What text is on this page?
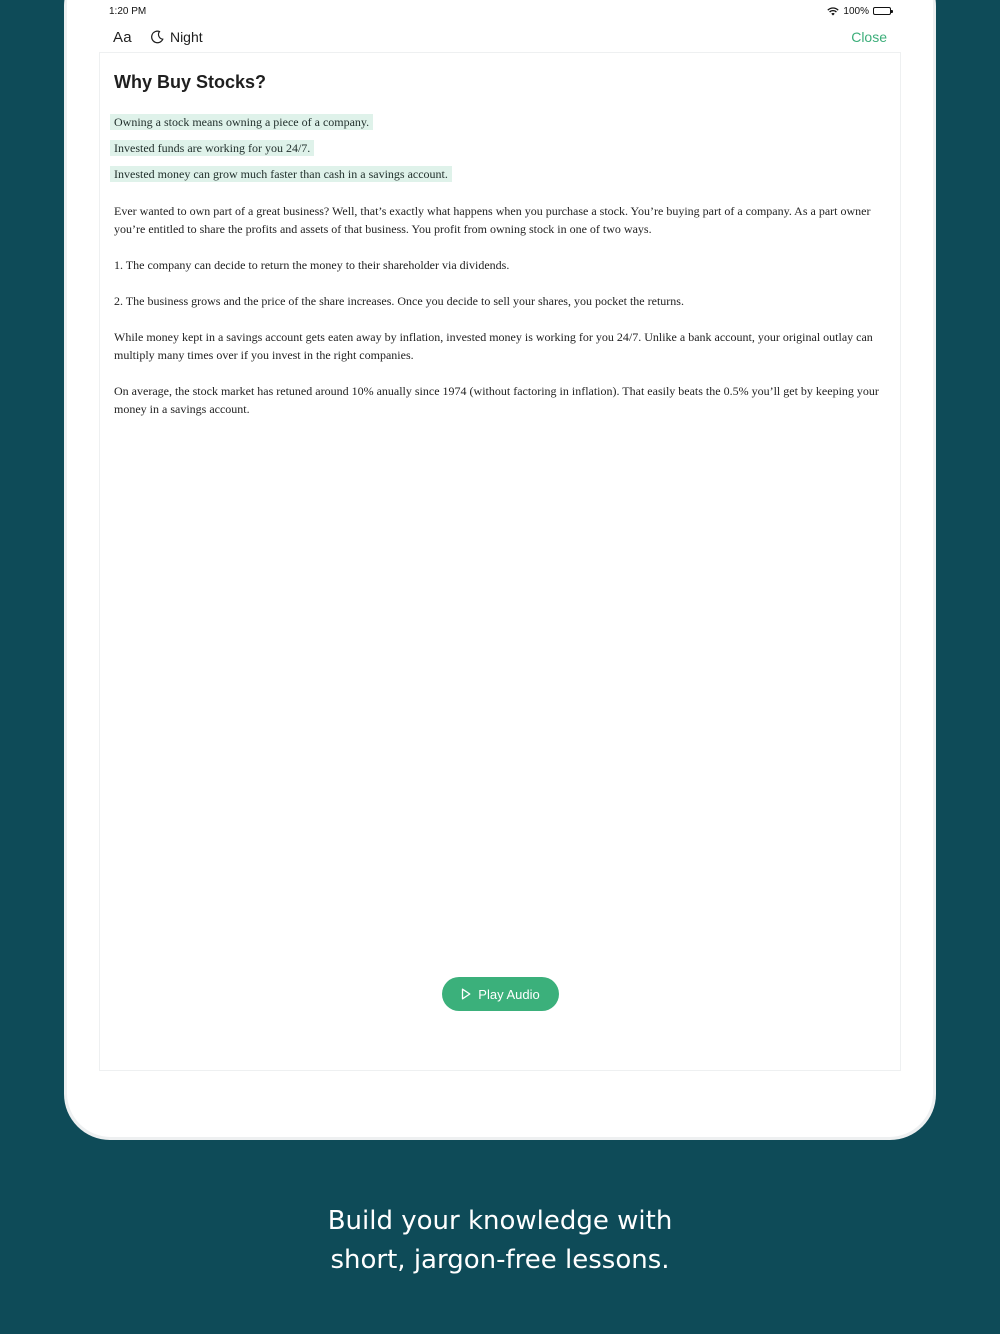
1:20 PM	100%
Aa	Night	Close
Why Buy Stocks?
Owning a stock means owning a piece of a company.
Invested funds are working for you 24/7.
Invested money can grow much faster than cash in a savings account.

Ever wanted to own part of a great business? Well, that’s exactly what happens when you purchase a stock. You’re buying part of a company. As a part owner you’re entitled to share the profits and assets of that business. You profit from owning stock in one of two ways.

1. The company can decide to return the money to their shareholder via dividends.

2. The business grows and the price of the share increases. Once you decide to sell your shares, you pocket the returns.

While money kept in a savings account gets eaten away by inflation, invested money is working for you 24/7. Unlike a bank account, your original outlay can multiply many times over if you invest in the right companies.

On average, the stock market has retuned around 10% anually since 1974 (without factoring in inflation). That easily beats the 0.5% you’ll get by keeping your money in a savings account.

Play Audio
Build your knowledge with
short, jargon-free lessons.
